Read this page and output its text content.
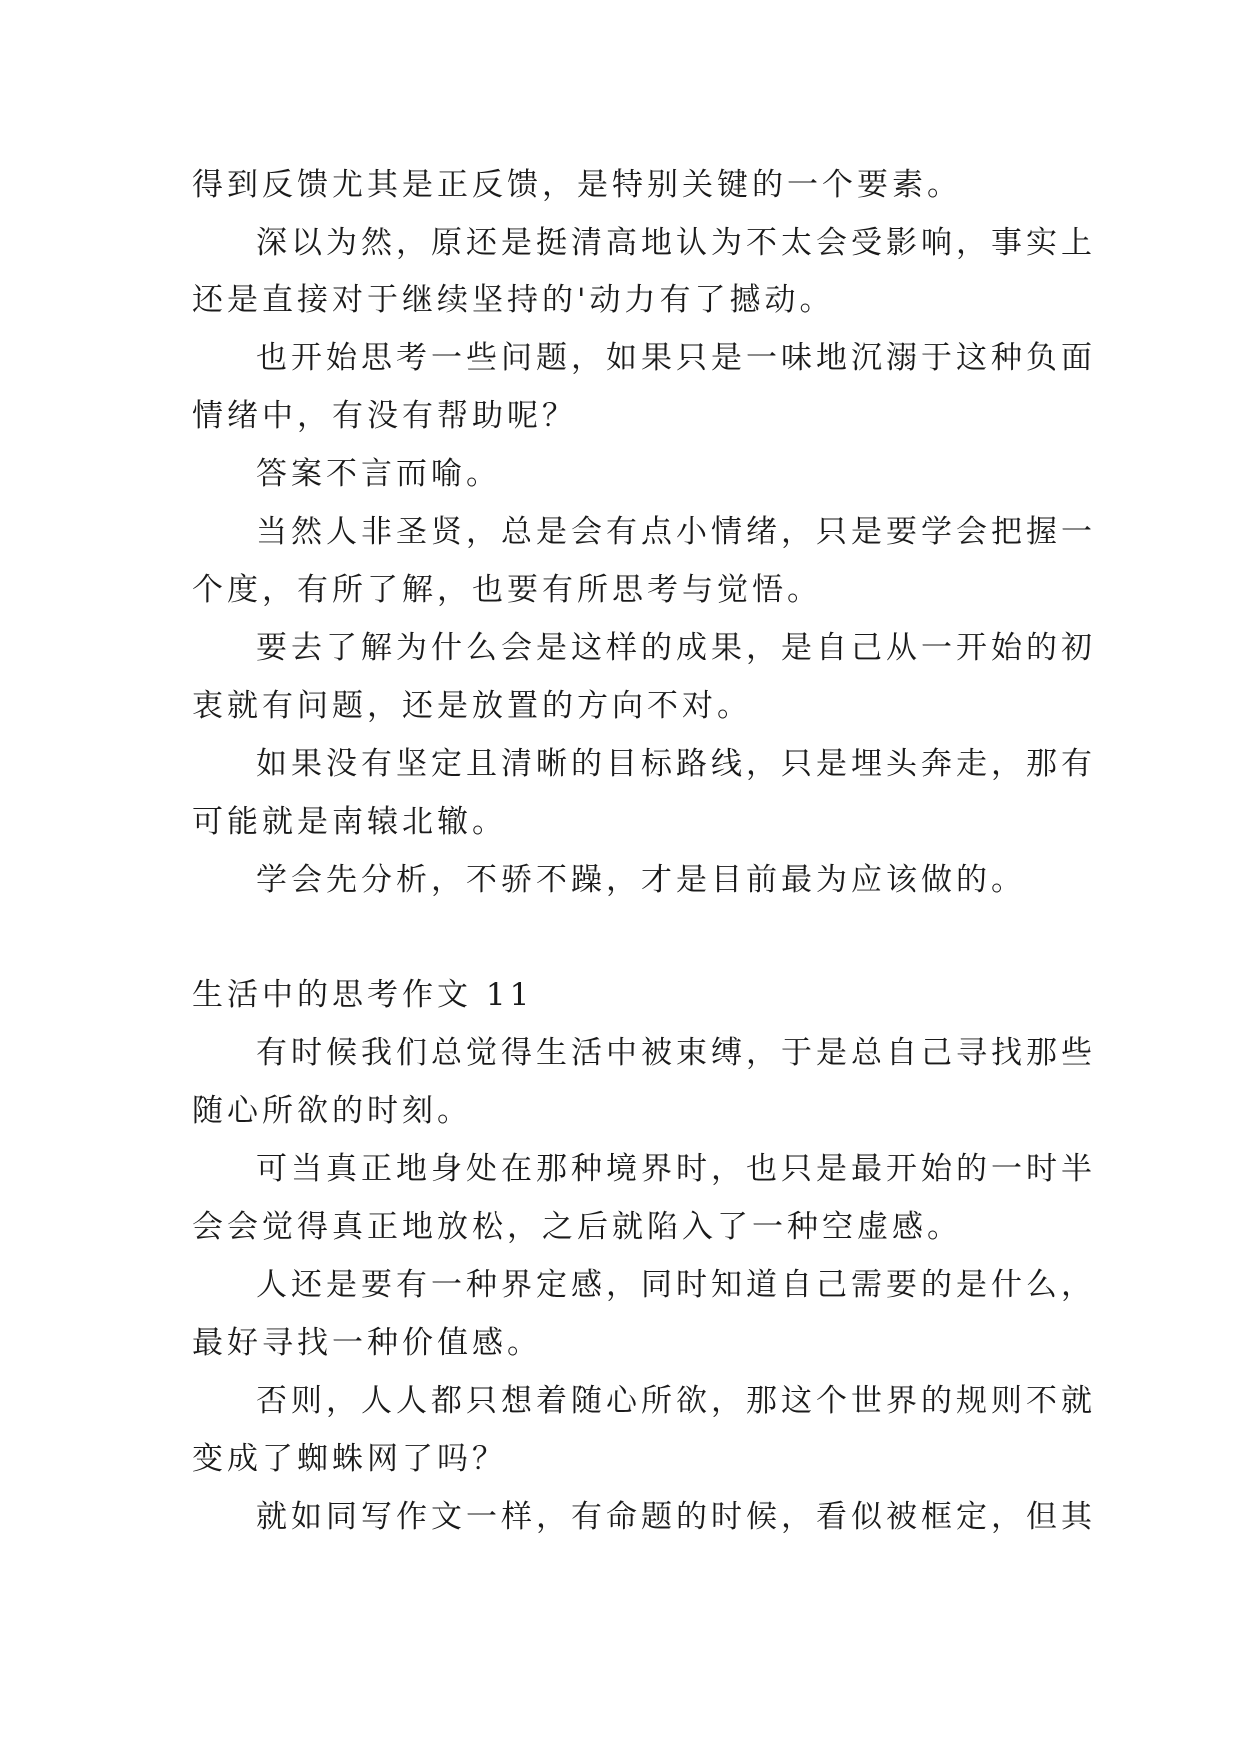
得到反馈尤其是正反馈，是特别关键的一个要素。
深以为然，原还是挺清高地认为不太会受影响，事实上
还是直接对于继续坚持的'动力有了撼动。
也开始思考一些问题，如果只是一味地沉溺于这种负面
情绪中，有没有帮助呢？
答案不言而喻。
当然人非圣贤，总是会有点小情绪，只是要学会把握一
个度，有所了解，也要有所思考与觉悟。
要去了解为什么会是这样的成果，是自己从一开始的初
衷就有问题，还是放置的方向不对。
如果没有坚定且清晰的目标路线，只是埋头奔走，那有
可能就是南辕北辙。
学会先分析，不骄不躁，才是目前最为应该做的。
生活中的思考作文 11
有时候我们总觉得生活中被束缚，于是总自己寻找那些
随心所欲的时刻。
可当真正地身处在那种境界时，也只是最开始的一时半
会会觉得真正地放松，之后就陷入了一种空虚感。
人还是要有一种界定感，同时知道自己需要的是什么，
最好寻找一种价值感。
否则，人人都只想着随心所欲，那这个世界的规则不就
变成了蜘蛛网了吗？
就如同写作文一样，有命题的时候，看似被框定，但其
